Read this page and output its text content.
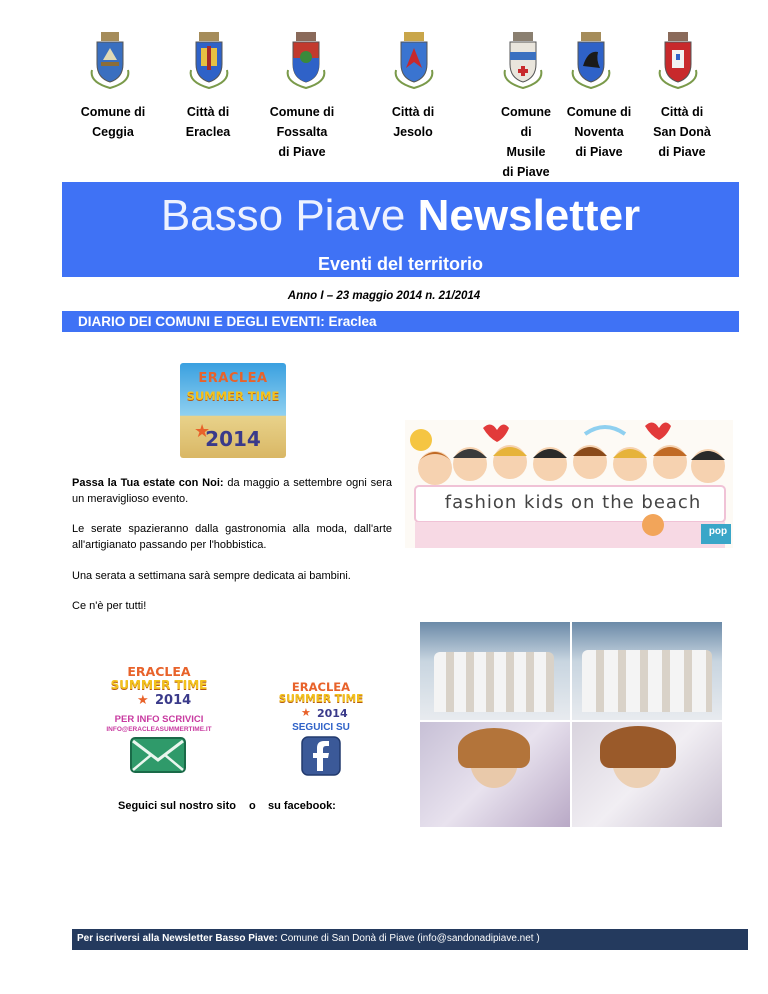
Comune di
Ceggia
Città di
Eraclea
Comune di
Fossalta
di Piave
Città di
Jesolo
Comune
di
Musile
di Piave
Comune di
Noventa
di Piave
Città di
San Donà
di Piave
Basso Piave Newsletter
Eventi del territorio
Anno I – 23 maggio 2014 n. 21/2014
DIARIO DEI COMUNI E DEGLI EVENTI: Eraclea
ERACLEA
SUMMER TIME
2014
★
Passa la Tua estate con Noi: da maggio a settembre ogni sera un meraviglioso evento.
Le serate spazieranno dalla gastronomia alla moda, dall'arte all'artigianato passando per l'hobbistica.
Una serata a settimana sarà sempre dedicata ai bambini.
Ce n'è per tutti!
fashion kids on the beach
pop
ERACLEA
SUMMER TIME
2014
★
PER INFO SCRIVICI
INFO@ERACLEASUMMERTIME.IT
ERACLEA
SUMMER TIME
2014
★
SEGUICI SU
Seguici sul nostro sito o su facebook:
Per iscriversi alla Newsletter Basso Piave: Comune di San Donà di Piave (info@sandonadipiave.net )
